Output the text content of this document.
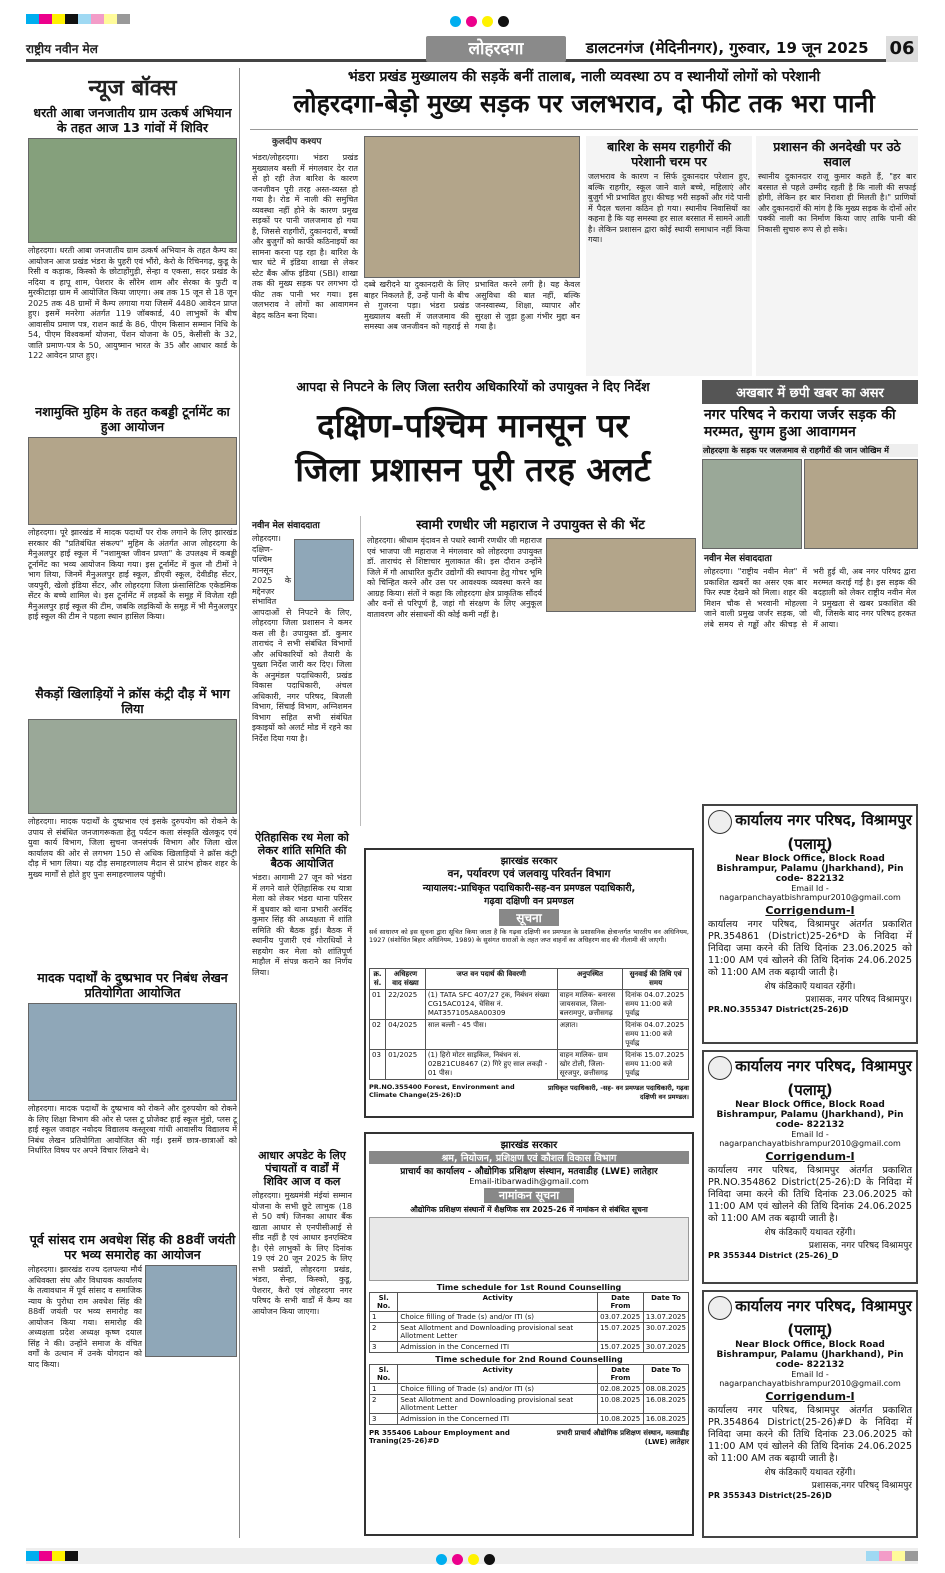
राष्ट्रीय नवीन मेल	लोहरदगा	डालटनगंज (मेदिनीनगर), गुरुवार, 19 जून 2025 06
न्यूज बॉक्स
धरती आबा जनजातीय ग्राम उत्कर्ष अभियान के तहत आज 13 गांवों में शिविर
लोहरदगा। धरती आबा जनजातीय ग्राम उत्कर्ष अभियान के तहत कैम्प का आयोजन आज प्रखंड भंडरा के पुहरी एवं भौंरो, केरो के रिचिनगढ़, कुडू के रिसी व कड़ाक, किस्को के छोटाहोंगुड़ी, सेन्हा व एकसा, सदर प्रखंड के नदिया व हापू शाम, पेशरार के सौरेम शाम और सेरका के फुटी व मुरकीटाड़ा ग्राम में आयोजित किया जाएगा। अब तक 15 जून से 18 जून 2025 तक 48 ग्रामों में कैम्प लगाया गया जिसमें 4480 आवेदन प्राप्त हुए। इसमें मनरेगा अंतर्गत 119 जॉबकार्ड, 40 लाभुकों के बीच आवासीय प्रमाण पत्र, राशन कार्ड के 86, पीएम किसान सम्मान निधि के 54, पीएम विश्वकर्मा योजना, पेंशन योजना के 05, केसीसी के 32, जाति प्रमाण-पत्र के 50, आयुष्मान भारत के 35 और आधार कार्ड के 122 आवेदन प्राप्त हुए।
नशामुक्ति मुहिम के तहत कबड्डी टूर्नामेंट का हुआ आयोजन
लोहरदगा। पूरे झारखंड में मादक पदार्थों पर रोक लगाने के लिए झारखंड सरकार की "प्रतिबंधित संकल्प" मुहिम के अंतर्गत आज लोहरदगा के मैनुअलपुर हाई स्कूल में "नशामुक्त जीवन प्रण्ता" के उपलक्ष्य में कबड्डी टूर्नामेंट का भव्य आयोजन किया गया। इस टूर्नामेंट में कुल नौ टीमों ने भाग लिया, जिनमें मैनुअलपुर हाई स्कूल, डीएवी स्कूल, देवीडीह सेंटर, जयपुरी, खेलो इंडिया सेंटर, और लोहरदगा जिला फ्रंसासिटिक एकेडमिक सेंटर के बच्चे शामिल थे। इस टूर्नामेंट में लड़कों के समूह में विजेता रही मैनुअलपुर हाई स्कूल की टीम, जबकि लड़कियों के समूह में भी मैनुअलपुर हाई स्कूल की टीम ने पहला स्थान हासिल किया।
सैकड़ों खिलाड़ियों ने क्रॉस कंट्री दौड़ में भाग लिया
लोहरदगा। मादक पदार्थों के दुष्प्रभाव एवं इसके दुरुपयोग को रोकने के उपाय से संबंधित जनजागरूकता हेतु पर्यटन कला संस्कृति खेलकूद एवं युवा कार्य विभाग, जिला सुचना जनसंपर्क विभाग और जिला खेल कार्यालय की ओर से लगभग 150 से अधिक खिलाड़ियों ने क्रॉस कंट्री दौड़ में भाग लिया। यह दौड़ समाहरणालय मैदान से प्रारंभ होकर शहर के मुख्य मार्गों से होते हुए पुनः समाहरणालय पहुंची।
मादक पदार्थों के दुष्प्रभाव पर निबंध लेखन प्रतियोगिता आयोजित
लोहरदगा। मादक पदार्थों के दुष्प्रभाव को रोकने और दुरुपयोग को रोकने के लिए शिक्षा विभाग की ओर से प्लस टू प्रोजेक्ट हाई स्कूल मुंडो, प्लस टू हाई स्कूल जवाहर नवोदय विद्यालय कस्तूरबा गांधी आवासीय विद्यालय में निबंध लेखन प्रतियोगिता आयोजित की गई। इसमें छात्र-छात्राओं को निर्धारित विषय पर अपने विचार लिखने थे।
पूर्व सांसद राम अवधेश सिंह की 88वीं जयंती पर भव्य समारोह का आयोजन
लोहरदगा। झारखंड राज्य दलपल्या मौर्य अधिवक्ता संघ और विधायक कार्यालय के तत्वावधान में पूर्व सांसद व समाजिक न्याय के पुरोधा राम अवधेश सिंह की 88वीं जयंती पर भव्य समारोह का आयोजन किया गया। समारोह की अध्यक्षता प्रदेश अध्यक्ष कृष्ण दयाल सिंह ने की। उन्होंने समाज के वंचित वर्गों के उत्थान में उनके योगदान को याद किया।
भंडरा प्रखंड मुख्यालय की सड़कें बनीं तालाब, नाली व्यवस्था ठप व स्थानीयों लोगों को परेशानी
लोहरदगा-बेड़ो मुख्य सड़क पर जलभराव, दो फीट तक भरा पानी
कुलदीप कश्यप
भंडरा/लोहरदगा। भंडरा प्रखंड मुख्यालय बस्ती में मंगलवार देर रात से हो रही तेज बारिश के कारण जनजीवन पूरी तरह अस्त-व्यस्त हो गया है। रोड में नाली की समुचित व्यवस्था नहीं होने के कारण प्रमुख सड़कों पर पानी जलजमाव हो गया है, जिससे राहगीरों, दुकानदारों, बच्चों और बुजुर्गों को काफी कठिनाइयों का सामना करना पड़ रहा है। बारिश के चार घंटे में इंडिया शाखा से लेकर स्टेट बैंक ऑफ इंडिया (SBI) शाखा तक की मुख्य सड़क पर लगभग दो फीट तक पानी भर गया। इस जलभराव ने लोगों का आवागमन बेहद कठिन बना दिया।
दब्बे खरीदने या दुकानदारी के लिए बाहर निकलते हैं, उन्हें पानी के बीच से गुजरना पड़ा। भंडरा प्रखंड मुख्यालय बस्ती में जलजमाव की समस्या अब जनजीवन को गहराई से प्रभावित करने लगी है। यह केवल असुविधा की बात नहीं, बल्कि जनस्वास्थ्य, शिक्षा, व्यापार और सुरक्षा से जुड़ा हुआ गंभीर मुद्दा बन गया है।
बारिश के समय राहगीरों की परेशानी चरम पर
जलभराव के कारण न सिर्फ दुकानदार परेशान हुए, बल्कि राहगीर, स्कूल जाने वाले बच्चे, महिलाएं और बुजुर्ग भी प्रभावित हुए। कीचड़ भरी सड़कों और गंदे पानी में पैदल चलना कठिन हो गया। स्थानीय निवासियों का कहना है कि यह समस्या हर साल बरसात में सामने आती है। लेकिन प्रशासन द्वारा कोई स्थायी समाधान नहीं किया गया।
प्रशासन की अनदेखी पर उठे सवाल
स्थानीय दुकानदार राजू कुमार कहते हैं, "हर बार बरसात से पहले उम्मीद रहती है कि नाली की सफाई होगी, लेकिन हर बार निराशा ही मिलती है।" प्राणियों और दुकानदारों की मांग है कि मुख्य सड़क के दोनों ओर पक्की नाली का निर्माण किया जाए ताकि पानी की निकासी सुचारु रूप से हो सके।
आपदा से निपटने के लिए जिला स्तरीय अधिकारियों को उपायुक्त ने दिए निर्देश
दक्षिण-पश्चिम मानसून पर
जिला प्रशासन पूरी तरह अलर्ट
नवीन मेल संवाददाता
लोहरदगा। दक्षिण-पश्चिम मानसून 2025 के मद्देनज़र संभावित आपदाओं से निपटने के लिए, लोहरदगा जिला प्रशासन ने कमर कस ली है। उपायुक्त डॉ. कुमार ताराचंद ने सभी संबंधित विभागों और अधिकारियों को तैयारी के पुख्ता निर्देश जारी कर दिए। जिला के अनुमंडल पदाधिकारी, प्रखंड विकास पदाधिकारी, अंचल अधिकारी, नगर परिषद, बिजली विभाग, सिंचाई विभाग, अग्निशमन विभाग सहित सभी संबंधित इकाइयों को अलर्ट मोड में रहने का निर्देश दिया गया है।
स्वामी रणधीर जी महाराज ने उपायुक्त से की भेंट
लोहरदगा। श्रीधाम वृंदावन से पधारे स्वामी रणधीर जी महाराज एवं भाजपा जी महाराज ने मंगलवार को लोहरदगा उपायुक्त डॉ. ताराचंद से शिष्टाचार मुलाकात की। इस दौरान उन्होंने जिले में गौ आधारित कुटीर उद्योगों की स्थापना हेतु गोचर भूमि को चिन्हित करने और उस पर आवश्यक व्यवस्था करने का आग्रह किया। संतों ने कहा कि लोहरदगा क्षेत्र प्राकृतिक सौंदर्य और वनों से परिपूर्ण है, जहां गौ संरक्षण के लिए अनुकूल वातावरण और संसाधनों की कोई कमी नहीं है।
ऐतिहासिक रथ मेला को लेकर शांति समिति की बैठक आयोजित
भंडरा। आगामी 27 जून को भंडरा में लगने वाले ऐतिहासिक रथ यात्रा मेला को लेकर भंडरा थाना परिसर में बुधवार को थाना प्रभारी अरविंद कुमार सिंह की अध्यक्षता में शांति समिति की बैठक हुई। बैठक में स्थानीय पुजारी एवं गोराधियों ने सहयोग कर मेला को शांतिपूर्ण माहौल में संपन्न कराने का निर्णय लिया।
आधार अपडेट के लिए पंचायतों व वार्डों में शिविर आज व कल
लोहरदगा। मुख्यमंत्री मंईयां सम्मान योजना के सभी छूटे लाभुक (18 से 50 वर्ष) जिनका आधार बैंक खाता आधार से एनपीसीआई से सीड नहीं है एवं आधार इनएक्टिव है। ऐसे लाभुकों के लिए दिनांक 19 एवं 20 जून 2025 के लिए सभी प्रखंडों, लोहरदगा प्रखंड, भंडरा, सेन्हा, किस्को, कुडू, पेशरार, कैरो एवं लोहरदगा नगर परिषद के सभी वार्डों में कैम्प का आयोजन किया जाएगा।
अखबार में छपी खबर का असर
नगर परिषद ने कराया जर्जर सड़क की मरम्मत, सुगम हुआ आवागमन
लोहरदगा के सड़क पर जलजमाव से राहगीरों की जान जोखिम में
नवीन मेल संवाददाता
लोहरदगा। "राष्ट्रीय नवीन मेल" में प्रकाशित खबरों का असर एक बार फिर स्पष्ट देखने को मिला। शहर की मिशन चौक से भरवानी मोहल्ला जाने वाली प्रमुख जर्जर सड़क, जो लंबे समय से गड्ढों और कीचड़ से भरी हुई थी, अब नगर परिषद द्वारा मरम्मत कराई गई है। इस सड़क की बदहाली को लेकर राष्ट्रीय नवीन मेल ने प्रमुखता से खबर प्रकाशित की थी, जिसके बाद नगर परिषद हरकत में आया।
झारखंड सरकार
वन, पर्यावरण एवं जलवायु परिवर्तन विभाग
न्यायालय:-प्राधिकृत पदाधिकारी-सह-वन प्रमण्डल पदाधिकारी,
गढ़वा दक्षिणी वन प्रमण्डल
सूचना
सर्व साधारण को इस सूचना द्वारा सूचित किया जाता है कि गढ़वा दक्षिणी वन प्रमण्डल के प्रशासनिक क्षेत्रान्तर्गत भारतीय वन अधिनियम, 1927 (संशोधित बिहार अधिनियम, 1989) के सुसंगत धाराओं के तहत जप्त वाहनों का अधिहरण वाद की नीलामी की जाएगी।
क्र. सं.	अधिहरण वाद संख्या	जप्त वन पदार्थ की विवरणी	अनुपस्थित	सुनवाई की तिथि एवं समय
01	22/2025	(1) TATA SFC 407/27 ट्रक, निबंधन संख्या CG15AC0124, चेसिस नं. MAT357105A8A00309	वाहन मालिक- बनारस जायसवाल, जिला- बलरामपुर, छत्तीसगढ़	दिनांक 04.07.2025 समय 11:00 बजे पूर्वाह्न
02	04/2025	साल बल्ली - 45 पीस।	अज्ञात।	दिनांक 04.07.2025 समय 11:00 बजे पूर्वाह्न
03	01/2025	(1) हिरो मोटर साइकिल, निबंधन सं. 02B21CU8467 (2) गिरे हुए साल लकड़ी - 01 पीस।	वाहन मालिक- ग्राम खोर टोली, जिला- सूरजपुर, छत्तीसगढ़	दिनांक 15.07.2025 समय 11:00 बजे पूर्वाह्न
PR.NO.355400 Forest, Environment and Climate Change(25-26):D
प्राधिकृत पदाधिकारी, -सह- वन प्रमण्डल पदाधिकारी, गढ़वा दक्षिणी वन प्रमण्डल।
झारखंड सरकार
श्रम, नियोजन, प्रशिक्षण एवं कौशल विकास विभाग
प्राचार्य का कार्यालय - औद्योगिक प्रशिक्षण संस्थान, मतवाडीह (LWE) लातेहार
Email-itibarwadih@gmail.com
नामांकन सूचना
औद्योगिक प्रशिक्षण संस्थानों में शैक्षणिक सत्र 2025-26 में नामांकन से संबंधित सूचना
Time schedule for 1st Round Counselling
Sl. No.	Activity	Date From	Date To
1	Choice filling of Trade (s) and/or ITI (s)	03.07.2025	13.07.2025
2	Seat Allotment and Downloading provisional seat Allotment Letter	15.07.2025	30.07.2025
3	Admission in the Concerned ITI	15.07.2025	30.07.2025
Time schedule for 2nd Round Counselling
Sl. No.	Activity	Date From	Date To
1	Choice filling of Trade (s) and/or ITI (s)	02.08.2025	08.08.2025
2	Seat Allotment and Downloading provisional seat Allotment Letter	10.08.2025	16.08.2025
3	Admission in the Concerned ITI	10.08.2025	16.08.2025
PR 355406 Labour Employment and Traning(25-26)#D
प्रभारी प्राचार्य औद्योगिक प्रशिक्षण संस्थान, मतवाडीह (LWE) लातेहार
कार्यालय नगर परिषद, विश्रामपुर (पलामू)
Near Block Office, Block Road Bishrampur, Palamu (Jharkhand), Pin code- 822132
Email Id - nagarpanchayatbishrampur2010@gmail.com
Corrigendum-I
कार्यालय नगर परिषद, विश्रामपुर अंतर्गत प्रकाशित PR.354861 (District)25-26*D के निविदा में निविदा जमा करने की तिथि दिनांक 23.06.2025 को 11:00 AM एवं खोलने की तिथि दिनांक 24.06.2025 को 11:00 AM तक बढ़ायी जाती है।
शेष कंडिकाएँ यथावत रहेंगी।
प्रशासक, नगर परिषद विश्रामपुर।
PR.NO.355347 District(25-26)D
कार्यालय नगर परिषद, विश्रामपुर (पलामू)
Near Block Office, Block Road Bishrampur, Palamu (Jharkhand), Pin code- 822132
Email Id - nagarpanchayatbishrampur2010@gmail.com
Corrigendum-I
कार्यालय नगर परिषद, विश्रामपुर अंतर्गत प्रकाशित PR.NO.354862 District(25-26):D के निविदा में निविदा जमा करने की तिथि दिनांक 23.06.2025 को 11:00 AM एवं खोलने की तिथि दिनांक 24.06.2025 को 11:00 AM तक बढ़ायी जाती है।
शेष कंडिकाएँ यथावत रहेंगी।
प्रशासक, नगर परिषद विश्रामपुर
PR 355344 District (25-26)_D
कार्यालय नगर परिषद, विश्रामपुर (पलामू)
Near Block Office, Block Road Bishrampur, Palamu (Jharkhand), Pin code- 822132
Email Id - nagarpanchayatbishrampur2010@gmail.com
Corrigendum-I
कार्यालय नगर परिषद, विश्रामपुर अंतर्गत प्रकाशित PR.354864 District(25-26)#D के निविदा में निविदा जमा करने की तिथि दिनांक 23.06.2025 को 11:00 AM एवं खोलने की तिथि दिनांक 24.06.2025 को 11:00 AM तक बढ़ायी जाती है।
शेष कंडिकाएँ यथावत रहेंगी।
प्रशासक,नगर परिषद् विश्रामपुर
PR 355343 District(25-26)D
